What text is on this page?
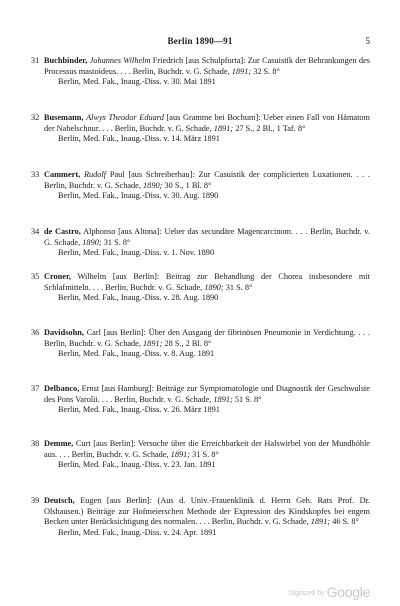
Berlin 1890—91	5
31 Buchbinder, Johannes Wilhelm Friedrich [aus Schulpforta]: Zur Casuistik der Behrankungen des Processus mastoideus. . . . Berlin, Buchdr. v. G. Schade, 1891; 32 S. 8°
Berlin, Med. Fak., Inaug.-Diss. v. 30. Mai 1891
32 Busemann, Alwys Theodor Eduard [aus Gramme bei Bochum]: Ueber einen Fall von Hämatom der Nabelschnur. . . . Berlin, Buchdr. v. G. Schade, 1891; 27 S., 2 Bl., 1 Taf. 8°
Berlin, Med. Fak., Inaug.-Diss. v. 14. März 1891
33 Cammert, Rudolf Paul [aus Schreiberhau]: Zur Casuistik der complicierten Luxationen. . . . Berlin, Buchdr. v. G. Schade, 1890; 30 S., 1 Bl. 8°
Berlin, Med. Fak., Inaug.-Diss. v. 30. Aug. 1890
34 de Castro, Alphonso [aus Altona]: Ueber das secundäre Magencarcinom. . . . Berlin, Buchdr. v. G. Schade, 1890; 31 S. 8°
Berlin, Med. Fak., Inaug.-Diss. v. 1. Nov. 1890
35 Croner, Wilhelm [aus Berlin]: Beitrag zur Behandlung der Chorea insbesondere mit Schlafmitteln. . . . Berlin, Buchdr. v. G. Schade, 1890; 31 S. 8°
Berlin, Med. Fak., Inaug.-Diss. v. 28. Aug. 1890
36 Davidsohn, Carl [aus Berlin]: Über den Ausgang der fibrinösen Pneumonie in Verdichtung. . . . Berlin, Buchdr. v. G. Schade, 1891; 28 S., 2 Bl. 8°
Berlin, Med. Fak., Inaug.-Diss. v. 8. Aug. 1891
37 Delbanco, Ernst [aus Hamburg]: Beiträge zur Symptomatologie und Diagnostik der Geschwulste des Pons Varolii. . . . Berlin, Buchdr. v. G. Schade, 1891; 51 S. 8°
Berlin, Med. Fak., Inaug.-Diss. v. 26. März 1891
38 Demme, Curt [aus Berlin]: Versuche über die Erreichbarkeit der Halswirbel von der Mundhöhle aus. . . . Berlin, Buchdr. v. G. Schade, 1891; 31 S. 8°
Berlin, Med. Fak., Inaug.-Diss. v. 23. Jan. 1891
39 Deutsch, Eugen [aus Berlin]: (Aus d. Univ.-Frauenklinik d. Herrn Geh. Rats Prof. Dr. Olshausen.) Beiträge zur Hofmeierschen Methode der Expression des Kindskopfes bei engem Becken unter Berücksichtigung des normalen. . . . Berlin, Buchdr. v. G. Schade, 1891; 46 S. 8°
Berlin, Med. Fak., Inaug.-Diss. v. 24. Apr. 1891
Digitized by Google
